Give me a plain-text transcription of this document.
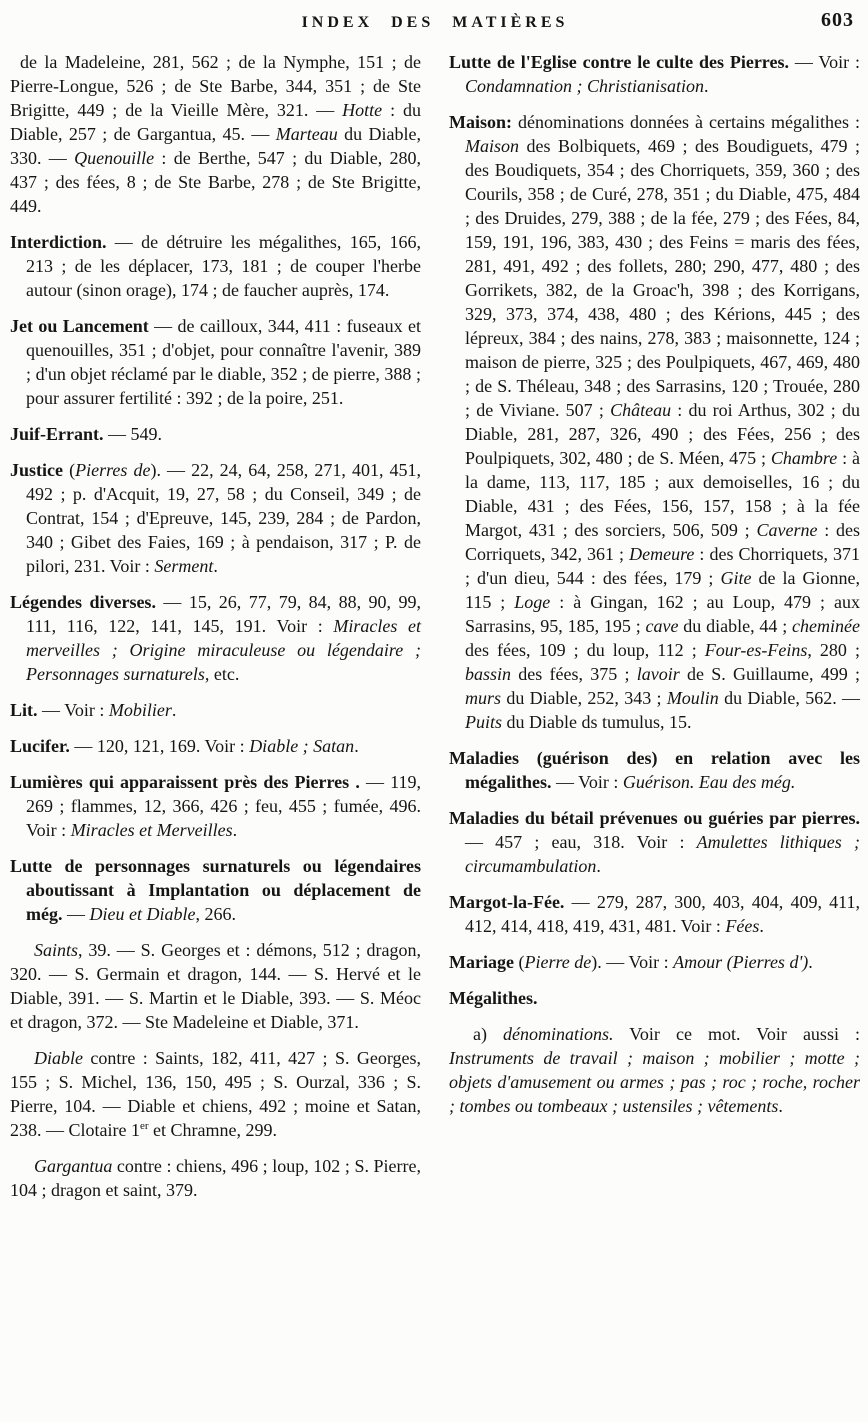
INDEX DES MATIÈRES	603

de la Madeleine, 281, 562 ; de la Nymphe, 151 ; de Pierre-Longue, 526 ; de Ste Barbe, 344, 351 ; de Ste Brigitte, 449 ; de la Vieille Mère, 321. — Hotte : du Diable, 257 ; de Gargantua, 45. — Marteau du Diable, 330. — Quenouille : de Berthe, 547 ; du Diable, 280, 437 ; des fées, 8 ; de Ste Barbe, 278 ; de Ste Brigitte, 449.

Interdiction. — de détruire les mégalithes, 165, 166, 213 ; de les déplacer, 173, 181 ; de couper l'herbe autour (sinon orage), 174 ; de faucher auprès, 174.

Jet ou Lancement — de cailloux, 344, 411 : fuseaux et quenouilles, 351 ; d'objet, pour connaître l'avenir, 389 ; d'un objet réclamé par le diable, 352 ; de pierre, 388 ; pour assurer fertilité : 392 ; de la poire, 251.

Juif-Errant. — 549.

Justice (Pierres de). — 22, 24, 64, 258, 271, 401, 451, 492 ; p. d'Acquit, 19, 27, 58 ; du Conseil, 349 ; de Contrat, 154 ; d'Epreuve, 145, 239, 284 ; de Pardon, 340 ; Gibet des Faies, 169 ; à pendaison, 317 ; P. de pilori, 231. Voir : Serment.

Légendes diverses. — 15, 26, 77, 79, 84, 88, 90, 99, 111, 116, 122, 141, 145, 191. Voir : Miracles et merveilles ; Origine miraculeuse ou légendaire ; Personnages surnaturels, etc.

Lit. — Voir : Mobilier.

Lucifer. — 120, 121, 169. Voir : Diable ; Satan.

Lumières qui apparaissent près des Pierres . — 119, 269 ; flammes, 12, 366, 426 ; feu, 455 ; fumée, 496. Voir : Miracles et Merveilles.

Lutte de personnages surnaturels ou légendaires aboutissant à Implantation ou déplacement de még. — Dieu et Diable, 266.

Saints, 39. — S. Georges et : démons, 512 ; dragon, 320. — S. Germain et dragon, 144. — S. Hervé et le Diable, 391. — S. Martin et le Diable, 393. — S. Méoc et dragon, 372. — Ste Madeleine et Diable, 371.

Diable contre : Saints, 182, 411, 427 ; S. Georges, 155 ; S. Michel, 136, 150, 495 ; S. Ourzal, 336 ; S. Pierre, 104. — Diable et chiens, 492 ; moine et Satan, 238. — Clotaire 1er et Chramne, 299.

Gargantua contre : chiens, 496 ; loup, 102 ; S. Pierre, 104 ; dragon et saint, 379.

Lutte de l'Eglise contre le culte des Pierres. — Voir : Condamnation ; Christianisation.

Maison: dénominations données à certains mégalithes : Maison des Bolbiquets, 469 ; des Boudiguets, 479 ; des Boudiquets, 354 ; des Chorriquets, 359, 360 ; des Courils, 358 ; de Curé, 278, 351 ; du Diable, 475, 484 ; des Druides, 279, 388 ; de la fée, 279 ; des Fées, 84, 159, 191, 196, 383, 430 ; des Feins = maris des fées, 281, 491, 492 ; des follets, 280; 290, 477, 480 ; des Gorrikets, 382, de la Groac'h, 398 ; des Korrigans, 329, 373, 374, 438, 480 ; des Kérions, 445 ; des lépreux, 384 ; des nains, 278, 383 ; maisonnette, 124 ; maison de pierre, 325 ; des Poulpiquets, 467, 469, 480 ; de S. Théleau, 348 ; des Sarrasins, 120 ; Trouée, 280 ; de Viviane. 507 ; Château : du roi Arthus, 302 ; du Diable, 281, 287, 326, 490 ; des Fées, 256 ; des Poulpiquets, 302, 480 ; de S. Méen, 475 ; Chambre : à la dame, 113, 117, 185 ; aux demoiselles, 16 ; du Diable, 431 ; des Fées, 156, 157, 158 ; à la fée Margot, 431 ; des sorciers, 506, 509 ; Caverne : des Corriquets, 342, 361 ; Demeure : des Chorriquets, 371 ; d'un dieu, 544 : des fées, 179 ; Gite de la Gionne, 115 ; Loge : à Gingan, 162 ; au Loup, 479 ; aux Sarrasins, 95, 185, 195 ; cave du diable, 44 ; cheminée des fées, 109 ; du loup, 112 ; Four-es-Feins, 280 ; bassin des fées, 375 ; lavoir de S. Guillaume, 499 ; murs du Diable, 252, 343 ; Moulin du Diable, 562. — Puits du Diable ds tumulus, 15.

Maladies (guérison des) en relation avec les mégalithes. — Voir : Guérison. Eau des még.

Maladies du bétail prévenues ou guéries par pierres. — 457 ; eau, 318. Voir : Amulettes lithiques ; circumambulation.

Margot-la-Fée. — 279, 287, 300, 403, 404, 409, 411, 412, 414, 418, 419, 431, 481. Voir : Fées.

Mariage (Pierre de). — Voir : Amour (Pierres d').

Mégalithes.

a) dénominations. Voir ce mot. Voir aussi : Instruments de travail ; maison ; mobilier ; motte ; objets d'amusement ou armes ; pas ; roc ; roche, rocher ; tombes ou tombeaux ; ustensiles ; vêtements.
